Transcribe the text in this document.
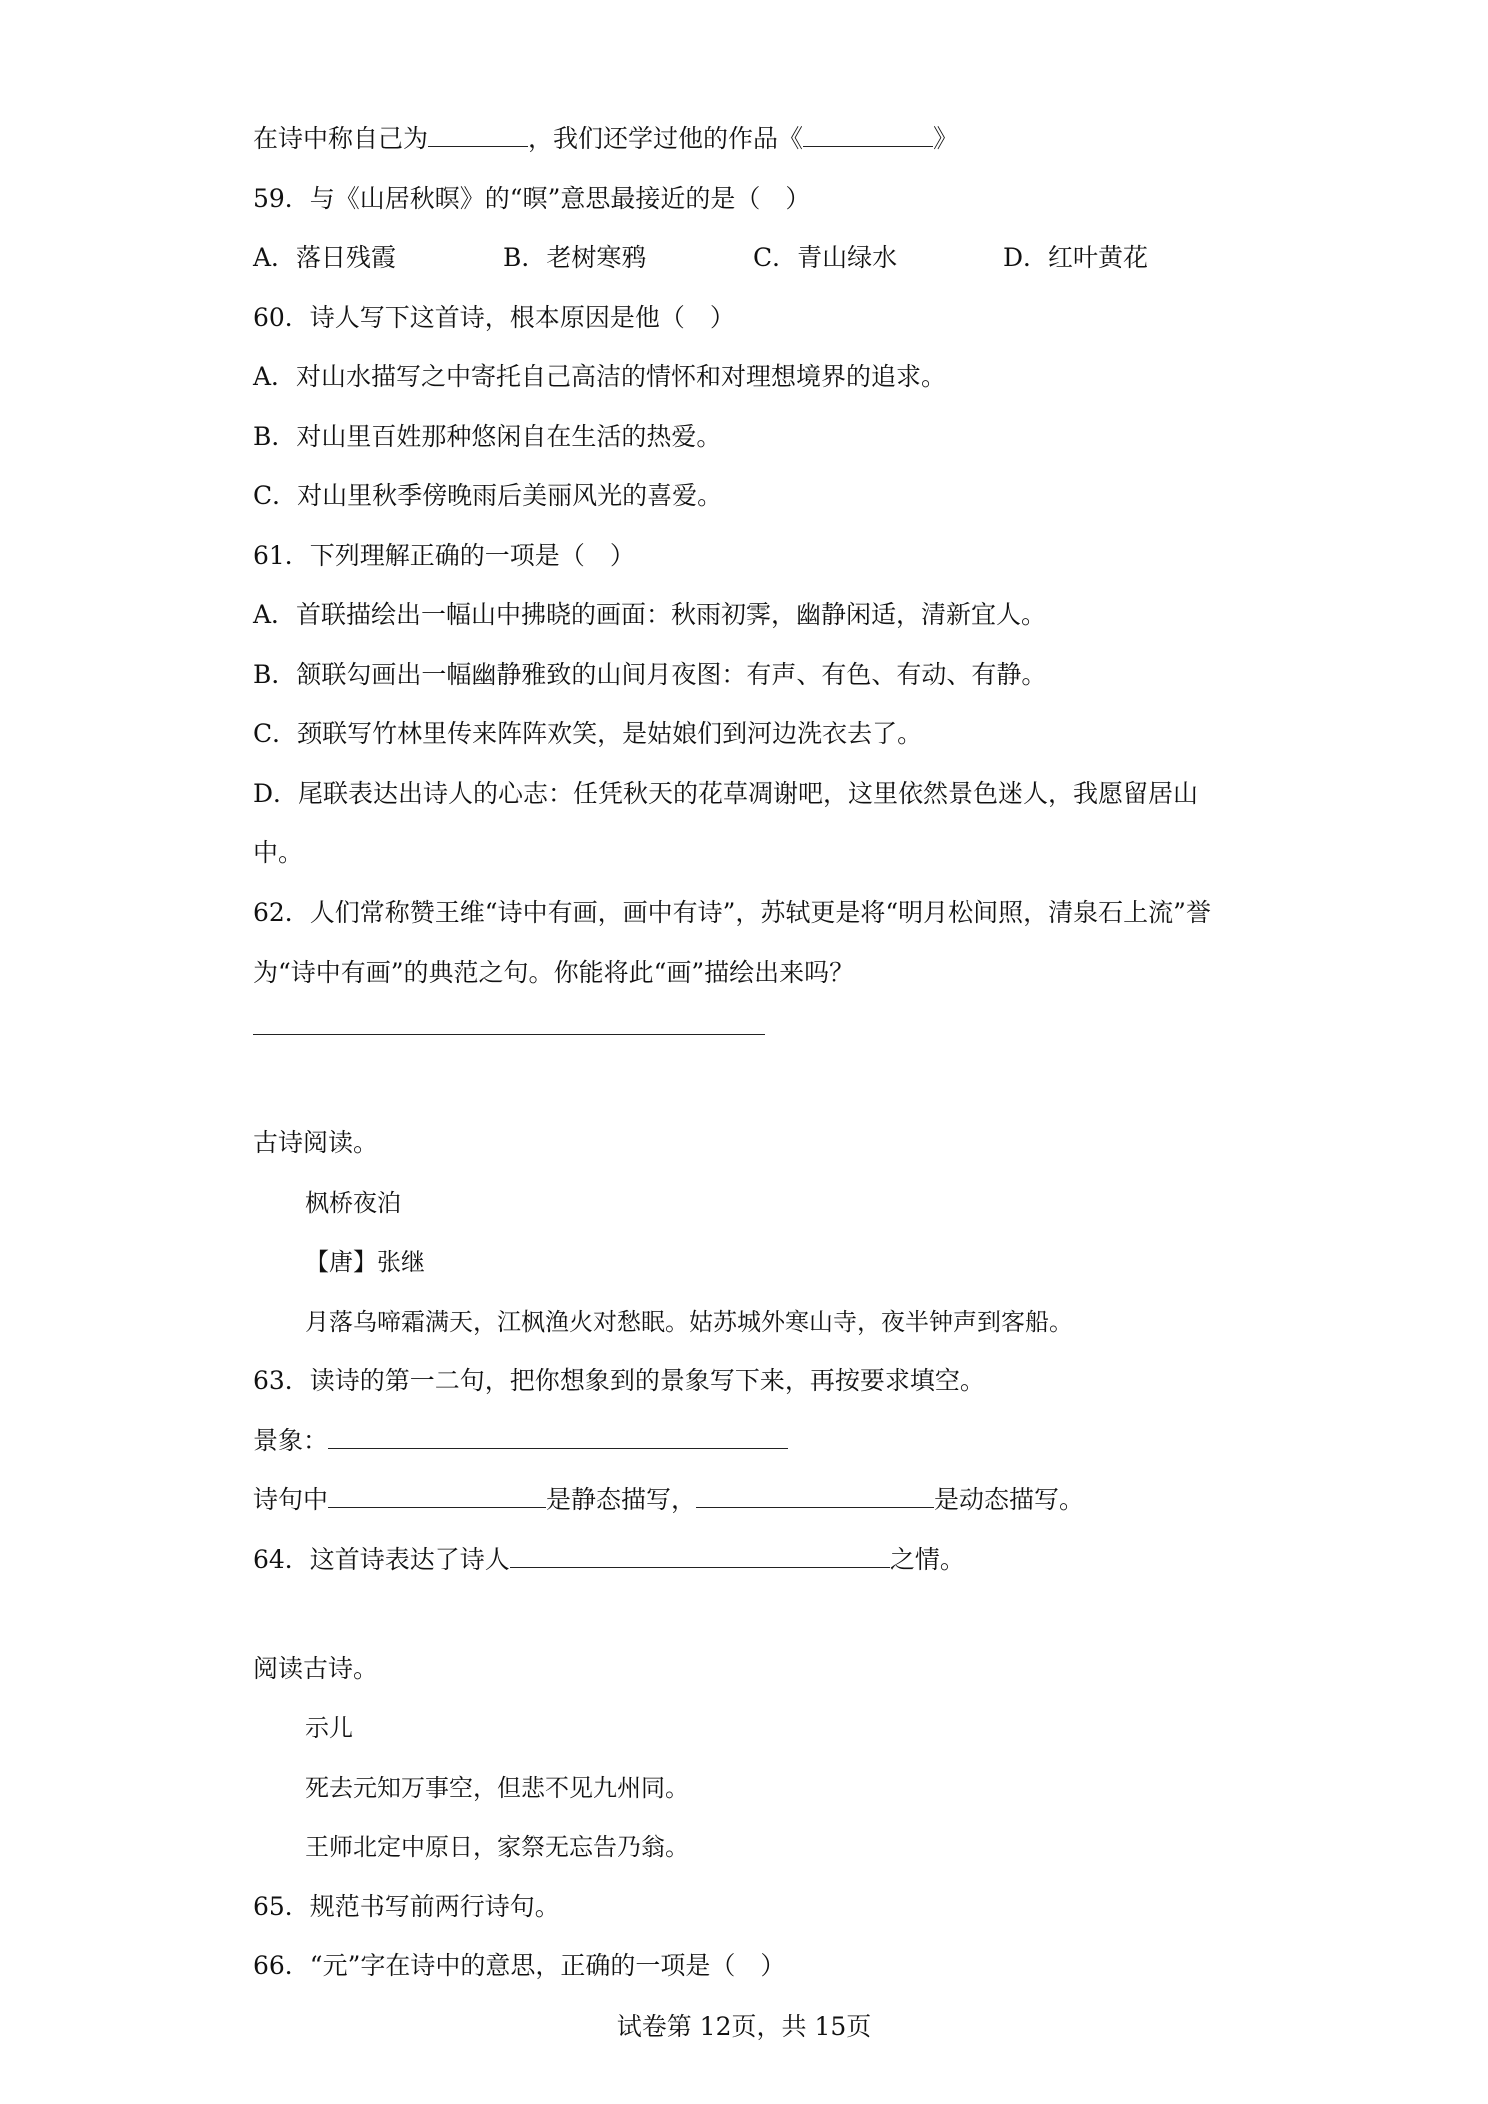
在诗中称自己为	，我们还学过他的作品《	》

59．与《山居秋暝》的“暝”意思最接近的是（　）

A．落日残霞	B．老树寒鸦	C．青山绿水	D．红叶黄花

60．诗人写下这首诗，根本原因是他（　）

A．对山水描写之中寄托自己高洁的情怀和对理想境界的追求。

B．对山里百姓那种悠闲自在生活的热爱。

C．对山里秋季傍晚雨后美丽风光的喜爱。

61．下列理解正确的一项是（　）

A．首联描绘出一幅山中拂晓的画面：秋雨初霁，幽静闲适，清新宜人。

B．颔联勾画出一幅幽静雅致的山间月夜图：有声、有色、有动、有静。

C．颈联写竹林里传来阵阵欢笑，是姑娘们到河边洗衣去了。

D．尾联表达出诗人的心志：任凭秋天的花草凋谢吧，这里依然景色迷人，我愿留居山

中。

62．人们常称赞王维“诗中有画，画中有诗”，苏轼更是将“明月松间照，清泉石上流”誉

为“诗中有画”的典范之句。你能将此“画”描绘出来吗？

古诗阅读。

枫桥夜泊

【唐】张继

月落乌啼霜满天，江枫渔火对愁眠。姑苏城外寒山寺，夜半钟声到客船。

63．读诗的第一二句，把你想象到的景象写下来，再按要求填空。

景象：

诗句中	是静态描写，	是动态描写。

64．这首诗表达了诗人	之情。

阅读古诗。

示儿

死去元知万事空，但悲不见九州同。

王师北定中原日，家祭无忘告乃翁。

65．规范书写前两行诗句。

66．“元”字在诗中的意思，正确的一项是（　）

试卷第 12页，共 15页
